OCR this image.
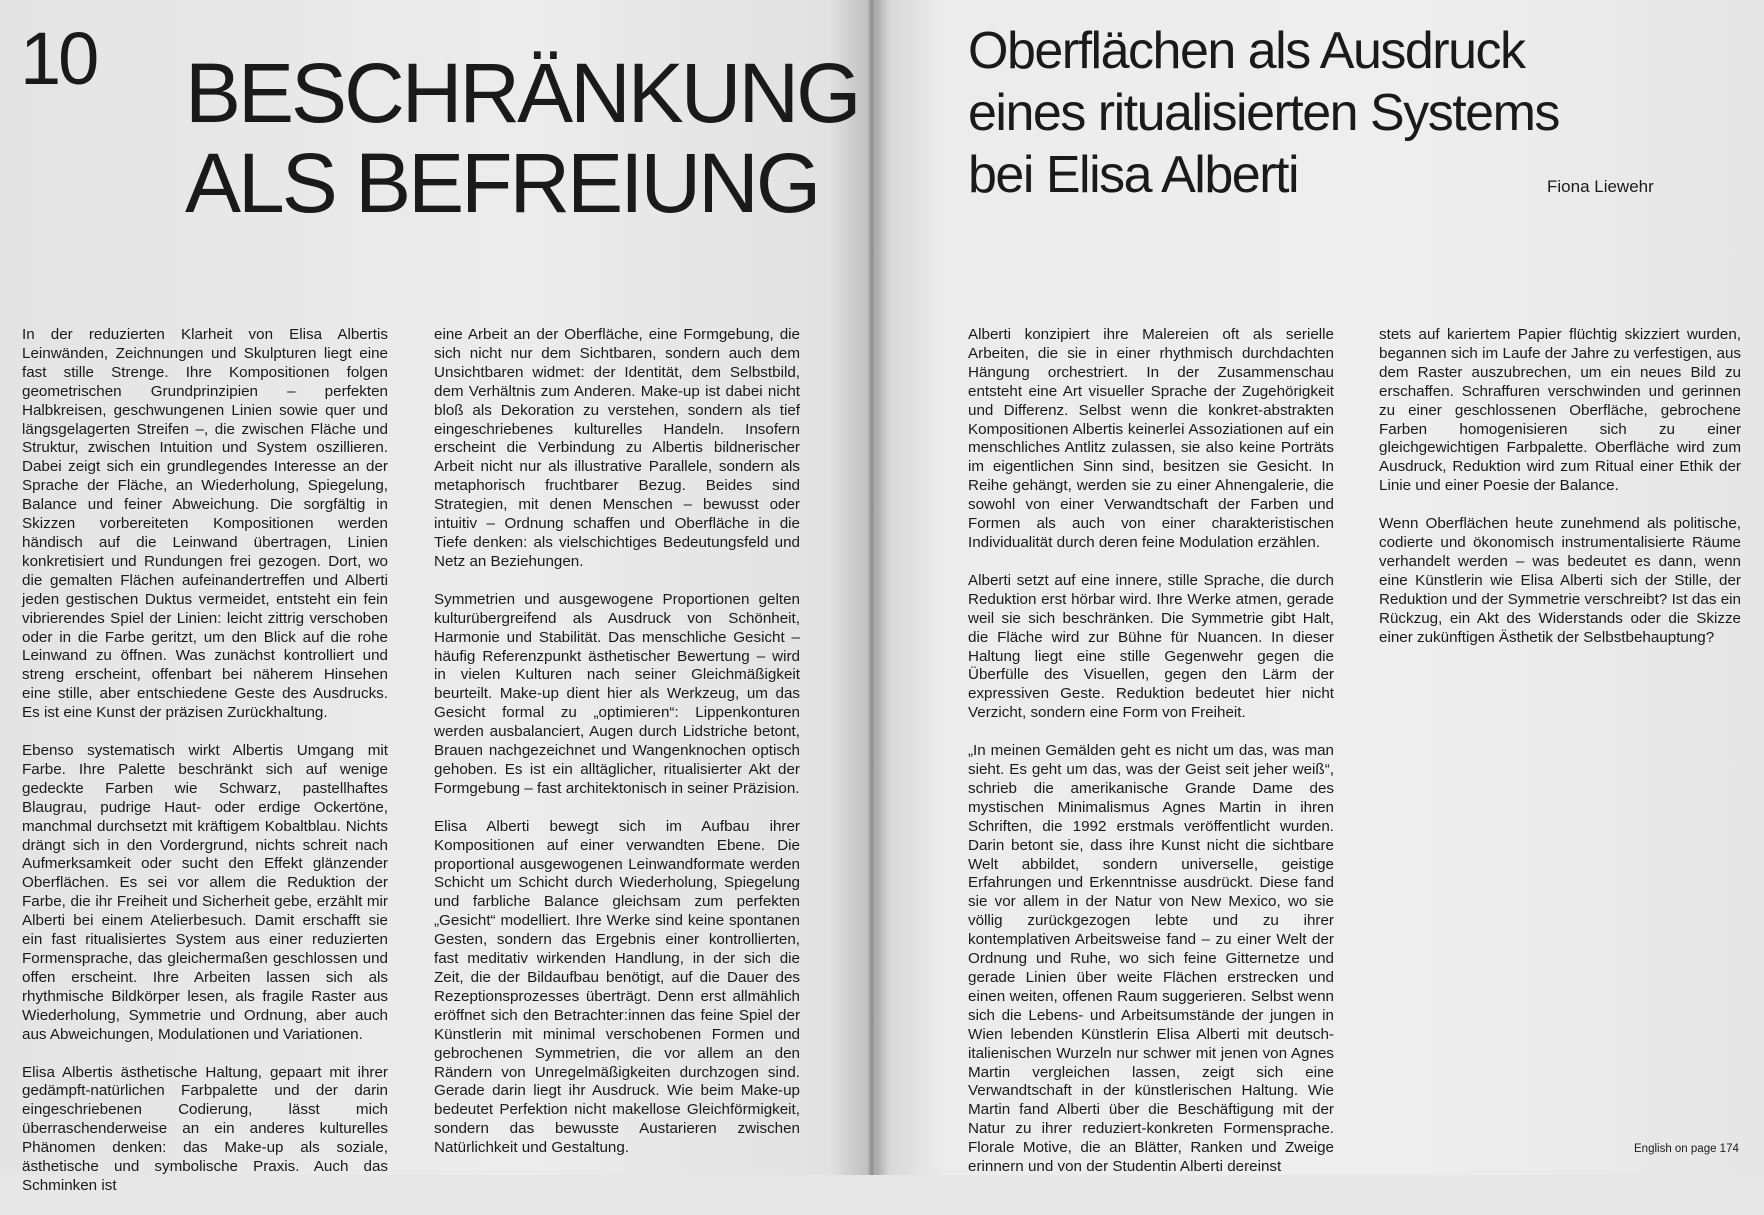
10 BESCHRÄNKUNG
ALS BEFREIUNG

In der reduzierten Klarheit von Elisa Albertis Leinwänden, Zeichnungen und Skulpturen liegt eine fast stille Strenge. Ihre Kompositionen folgen geometrischen Grundprinzipien – perfekten Halbkreisen, geschwungenen Linien sowie quer und längsgelagerten Streifen –, die zwischen Fläche und Struktur, zwischen Intuition und System oszillieren. Dabei zeigt sich ein grundlegendes Interesse an der Sprache der Fläche, an Wiederholung, Spiegelung, Balance und feiner Abweichung. Die sorgfältig in Skizzen vorbereiteten Kompositionen werden händisch auf die Leinwand übertragen, Linien konkretisiert und Rundungen frei gezogen. Dort, wo die gemalten Flächen aufeinandertreffen und Alberti jeden gestischen Duktus vermeidet, entsteht ein fein vibrierendes Spiel der Linien: leicht zittrig verschoben oder in die Farbe geritzt, um den Blick auf die rohe Leinwand zu öffnen. Was zunächst kontrolliert und streng erscheint, offenbart bei näherem Hinsehen eine stille, aber entschiedene Geste des Ausdrucks. Es ist eine Kunst der präzisen Zurückhaltung.

Ebenso systematisch wirkt Albertis Umgang mit Farbe. Ihre Palette beschränkt sich auf wenige gedeckte Farben wie Schwarz, pastellhaftes Blaugrau, pudrige Haut- oder erdige Ockertöne, manchmal durchsetzt mit kräftigem Kobaltblau. Nichts drängt sich in den Vordergrund, nichts schreit nach Aufmerksamkeit oder sucht den Effekt glänzender Oberflächen. Es sei vor allem die Reduktion der Farbe, die ihr Freiheit und Sicherheit gebe, erzählt mir Alberti bei einem Atelierbesuch. Damit erschafft sie ein fast ritualisiertes System aus einer reduzierten Formensprache, das gleichermaßen geschlossen und offen erscheint. Ihre Arbeiten lassen sich als rhythmische Bildkörper lesen, als fragile Raster aus Wiederholung, Symmetrie und Ordnung, aber auch aus Abweichungen, Modulationen und Variationen.

Elisa Albertis ästhetische Haltung, gepaart mit ihrer gedämpft-natürlichen Farbpalette und der darin eingeschriebenen Codierung, lässt mich überraschenderweise an ein anderes kulturelles Phänomen denken: das Make-up als soziale, ästhetische und symbolische Praxis. Auch das Schminken ist

eine Arbeit an der Oberfläche, eine Formgebung, die sich nicht nur dem Sichtbaren, sondern auch dem Unsichtbaren widmet: der Identität, dem Selbstbild, dem Verhältnis zum Anderen. Make-up ist dabei nicht bloß als Dekoration zu verstehen, sondern als tief eingeschriebenes kulturelles Handeln. Insofern erscheint die Verbindung zu Albertis bildnerischer Arbeit nicht nur als illustrative Parallele, sondern als metaphorisch fruchtbarer Bezug. Beides sind Strategien, mit denen Menschen – bewusst oder intuitiv – Ordnung schaffen und Oberfläche in die Tiefe denken: als vielschichtiges Bedeutungsfeld und Netz an Beziehungen.

Symmetrien und ausgewogene Proportionen gelten kulturübergreifend als Ausdruck von Schönheit, Harmonie und Stabilität. Das menschliche Gesicht – häufig Referenzpunkt ästhetischer Bewertung – wird in vielen Kulturen nach seiner Gleichmäßigkeit beurteilt. Make-up dient hier als Werkzeug, um das Gesicht formal zu „optimieren“: Lippenkonturen werden ausbalanciert, Augen durch Lidstriche betont, Brauen nachgezeichnet und Wangenknochen optisch gehoben. Es ist ein alltäglicher, ritualisierter Akt der Formgebung – fast architektonisch in seiner Präzision.

Elisa Alberti bewegt sich im Aufbau ihrer Kompositionen auf einer verwandten Ebene. Die proportional ausgewogenen Leinwandformate werden Schicht um Schicht durch Wiederholung, Spiegelung und farbliche Balance gleichsam zum perfekten „Gesicht“ modelliert. Ihre Werke sind keine spontanen Gesten, sondern das Ergebnis einer kontrollierten, fast meditativ wirkenden Handlung, in der sich die Zeit, die der Bildaufbau benötigt, auf die Dauer des Rezeptionsprozesses überträgt. Denn erst allmählich eröffnet sich den Betrachter:innen das feine Spiel der Künstlerin mit minimal verschobenen Formen und gebrochenen Symmetrien, die vor allem an den Rändern von Unregelmäßigkeiten durchzogen sind. Gerade darin liegt ihr Ausdruck. Wie beim Make-up bedeutet Perfektion nicht makellose Gleichförmigkeit, sondern das bewusste Austarieren zwischen Natürlichkeit und Gestaltung.

Oberflächen als Ausdruck
eines ritualisierten Systems
bei Elisa Alberti	Fiona Liewehr

Alberti konzipiert ihre Malereien oft als serielle Arbeiten, die sie in einer rhythmisch durchdachten Hängung orchestriert. In der Zusammenschau entsteht eine Art visueller Sprache der Zugehörigkeit und Differenz. Selbst wenn die konkret-abstrakten Kompositionen Albertis keinerlei Assoziationen auf ein menschliches Antlitz zulassen, sie also keine Porträts im eigentlichen Sinn sind, besitzen sie Gesicht. In Reihe gehängt, werden sie zu einer Ahnengalerie, die sowohl von einer Verwandtschaft der Farben und Formen als auch von einer charakteristischen Individualität durch deren feine Modulation erzählen.

Alberti setzt auf eine innere, stille Sprache, die durch Reduktion erst hörbar wird. Ihre Werke atmen, gerade weil sie sich beschränken. Die Symmetrie gibt Halt, die Fläche wird zur Bühne für Nuancen. In dieser Haltung liegt eine stille Gegenwehr gegen die Überfülle des Visuellen, gegen den Lärm der expressiven Geste. Reduktion bedeutet hier nicht Verzicht, sondern eine Form von Freiheit.

„In meinen Gemälden geht es nicht um das, was man sieht. Es geht um das, was der Geist seit jeher weiß“, schrieb die amerikanische Grande Dame des mystischen Minimalismus Agnes Martin in ihren Schriften, die 1992 erstmals veröffentlicht wurden. Darin betont sie, dass ihre Kunst nicht die sichtbare Welt abbildet, sondern universelle, geistige Erfahrungen und Erkenntnisse ausdrückt. Diese fand sie vor allem in der Natur von New Mexico, wo sie völlig zurückgezogen lebte und zu ihrer kontemplativen Arbeitsweise fand – zu einer Welt der Ordnung und Ruhe, wo sich feine Gitternetze und gerade Linien über weite Flächen erstrecken und einen weiten, offenen Raum suggerieren. Selbst wenn sich die Lebens- und Arbeitsumstände der jungen in Wien lebenden Künstlerin Elisa Alberti mit deutsch-italienischen Wurzeln nur schwer mit jenen von Agnes Martin vergleichen lassen, zeigt sich eine Verwandtschaft in der künstlerischen Haltung. Wie Martin fand Alberti über die Beschäftigung mit der Natur zu ihrer reduziert-konkreten Formensprache. Florale Motive, die an Blätter, Ranken und Zweige erinnern und von der Studentin Alberti dereinst

stets auf kariertem Papier flüchtig skizziert wurden, begannen sich im Laufe der Jahre zu verfestigen, aus dem Raster auszubrechen, um ein neues Bild zu erschaffen. Schraffuren verschwinden und gerinnen zu einer geschlossenen Oberfläche, gebrochene Farben homogenisieren sich zu einer gleichgewichtigen Farbpalette. Oberfläche wird zum Ausdruck, Reduktion wird zum Ritual einer Ethik der Linie und einer Poesie der Balance.

Wenn Oberflächen heute zunehmend als politische, codierte und ökonomisch instrumentalisierte Räume verhandelt werden – was bedeutet es dann, wenn eine Künstlerin wie Elisa Alberti sich der Stille, der Reduktion und der Symmetrie verschreibt? Ist das ein Rückzug, ein Akt des Widerstands oder die Skizze einer zukünftigen Ästhetik der Selbstbehauptung?

English on page 174
